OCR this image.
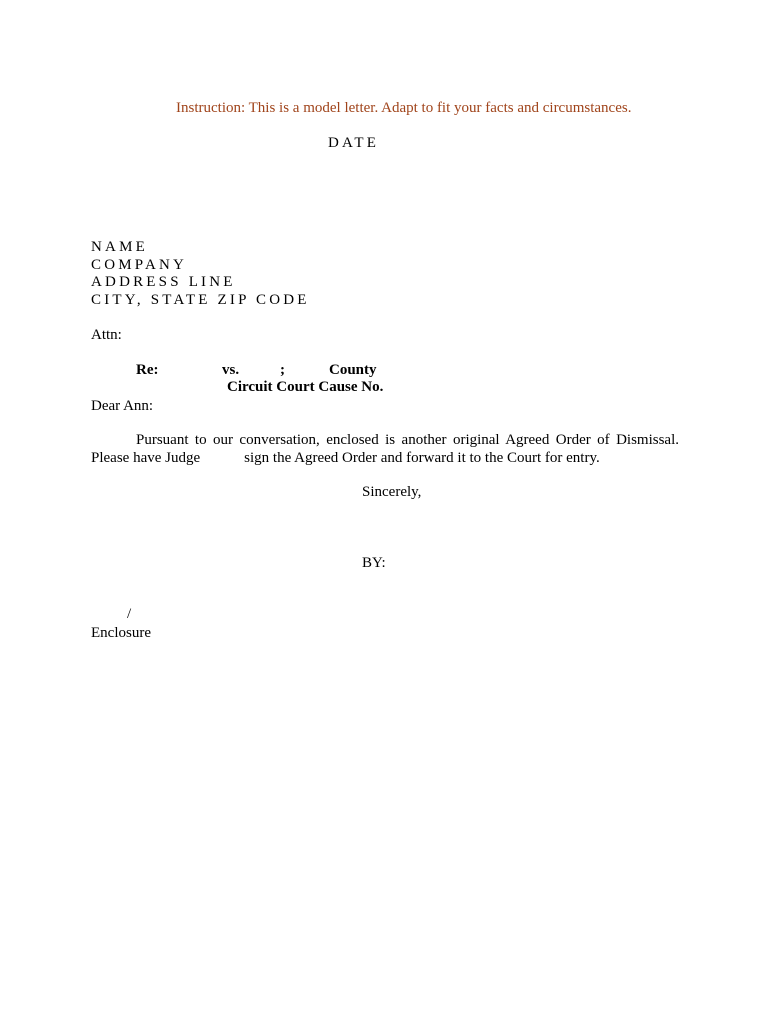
Instruction: This is a model letter. Adapt to fit your facts and circumstances.
DATE
NAME
COMPANY
ADDRESS LINE
CITY, STATE ZIP CODE
Attn:
Re:	vs.	;	County
Circuit Court Cause No.
Dear Ann:
Pursuant to our conversation, enclosed is another original Agreed Order of Dismissal. Please have Judge	sign the Agreed Order and forward it to the Court for entry.
Sincerely,
BY:
/
Enclosure
